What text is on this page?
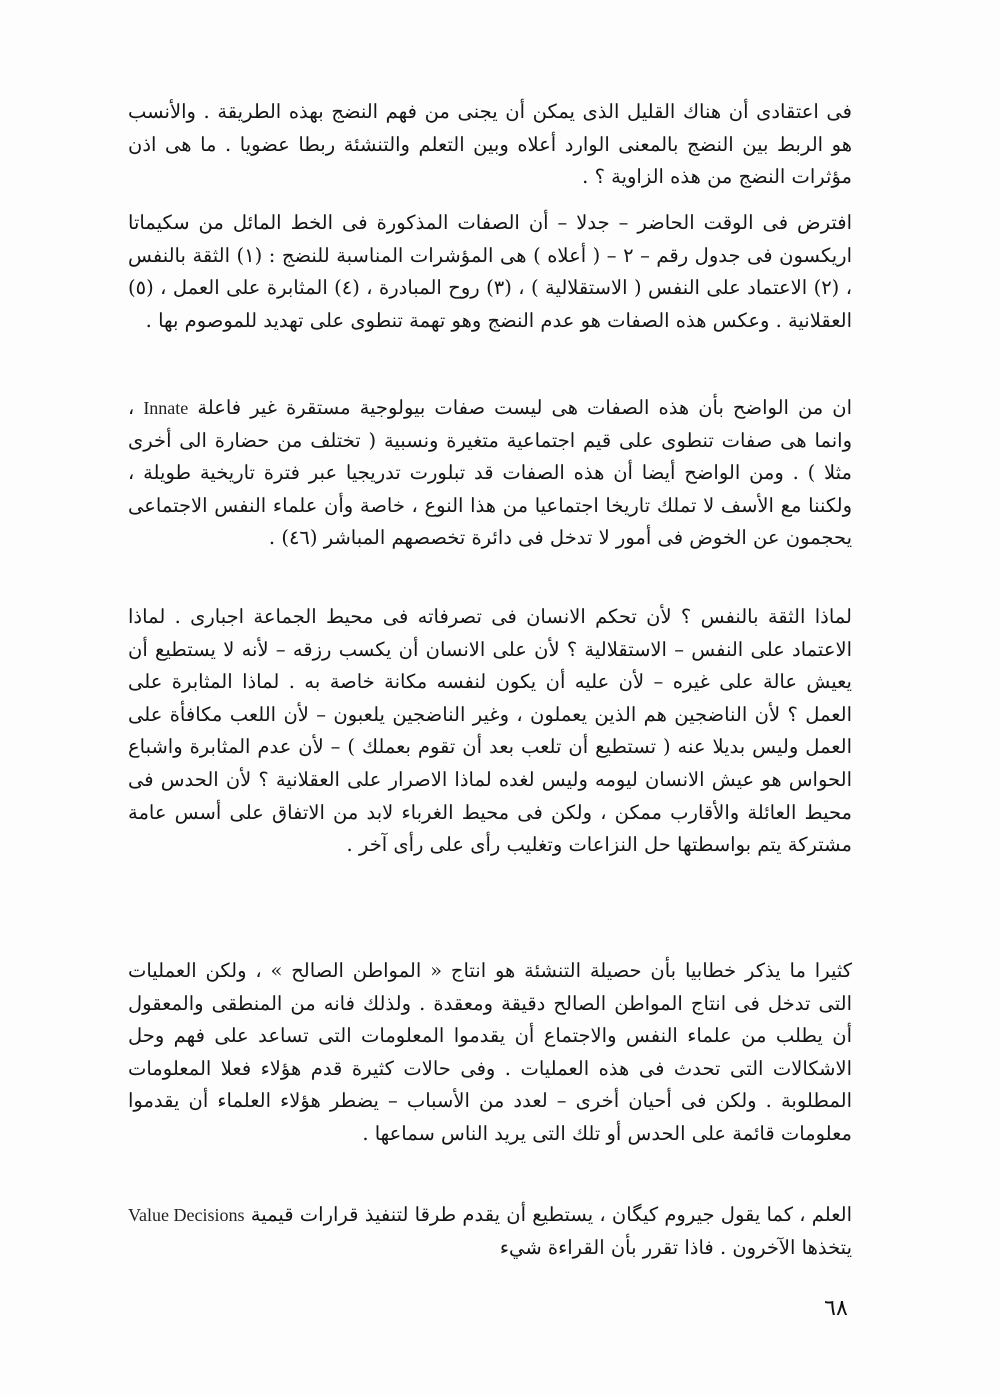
فى اعتقادى أن هناك القليل الذى يمكن أن يجنى من فهم النضج بهذه الطريقة . والأنسب هو الربط بين النضج بالمعنى الوارد أعلاه وبين التعلم والتنشئة ربطا عضويا . ما هى اذن مؤثرات النضج من هذه الزاوية ؟ .

افترض فى الوقت الحاضر – جدلا – أن الصفات المذكورة فى الخط المائل من سكيماتا اريكسون فى جدول رقم – ٢ – ( أعلاه ) هى المؤشرات المناسبة للنضج : (١) الثقة بالنفس ، (٢) الاعتماد على النفس ( الاستقلالية ) ، (٣) روح المبادرة ، (٤) المثابرة على العمل ، (٥) العقلانية . وعكس هذه الصفات هو عدم النضج وهو تهمة تنطوى على تهديد للموصوم بها .

ان من الواضح بأن هذه الصفات هى ليست صفات بيولوجية مستقرة غير فاعلة Innate ، وانما هى صفات تنطوى على قيم اجتماعية متغيرة ونسبية ( تختلف من حضارة الى أخرى مثلا ) . ومن الواضح أيضا أن هذه الصفات قد تبلورت تدريجيا عبر فترة تاريخية طويلة ، ولكننا مع الأسف لا تملك تاريخا اجتماعيا من هذا النوع ، خاصة وأن علماء النفس الاجتماعى يحجمون عن الخوض فى أمور لا تدخل فى دائرة تخصصهم المباشر (٤٦) .

لماذا الثقة بالنفس ؟ لأن تحكم الانسان فى تصرفاته فى محيط الجماعة اجبارى . لماذا الاعتماد على النفس – الاستقلالية ؟ لأن على الانسان أن يكسب رزقه – لأنه لا يستطيع أن يعيش عالة على غيره – لأن عليه أن يكون لنفسه مكانة خاصة به . لماذا المثابرة على العمل ؟ لأن الناضجين هم الذين يعملون ، وغير الناضجين يلعبون – لأن اللعب مكافأة على العمل وليس بديلا عنه ( تستطيع أن تلعب بعد أن تقوم بعملك ) – لأن عدم المثابرة واشباع الحواس هو عيش الانسان ليومه وليس لغده لماذا الاصرار على العقلانية ؟ لأن الحدس فى محيط العائلة والأقارب ممكن ، ولكن فى محيط الغرباء لابد من الاتفاق على أسس عامة مشتركة يتم بواسطتها حل النزاعات وتغليب رأى على رأى آخر .

كثيرا ما يذكر خطابيا بأن حصيلة التنشئة هو انتاج « المواطن الصالح » ، ولكن العمليات التى تدخل فى انتاج المواطن الصالح دقيقة ومعقدة . ولذلك فانه من المنطقى والمعقول أن يطلب من علماء النفس والاجتماع أن يقدموا المعلومات التى تساعد على فهم وحل الاشكالات التى تحدث فى هذه العمليات . وفى حالات كثيرة قدم هؤلاء فعلا المعلومات المطلوبة . ولكن فى أحيان أخرى – لعدد من الأسباب – يضطر هؤلاء العلماء أن يقدموا معلومات قائمة على الحدس أو تلك التى يريد الناس سماعها .

العلم ، كما يقول جيروم كيگان ، يستطيع أن يقدم طرقا لتنفيذ قرارات قيمية Value Decisions يتخذها الآخرون . فاذا تقرر بأن القراءة شيء

٦٨
